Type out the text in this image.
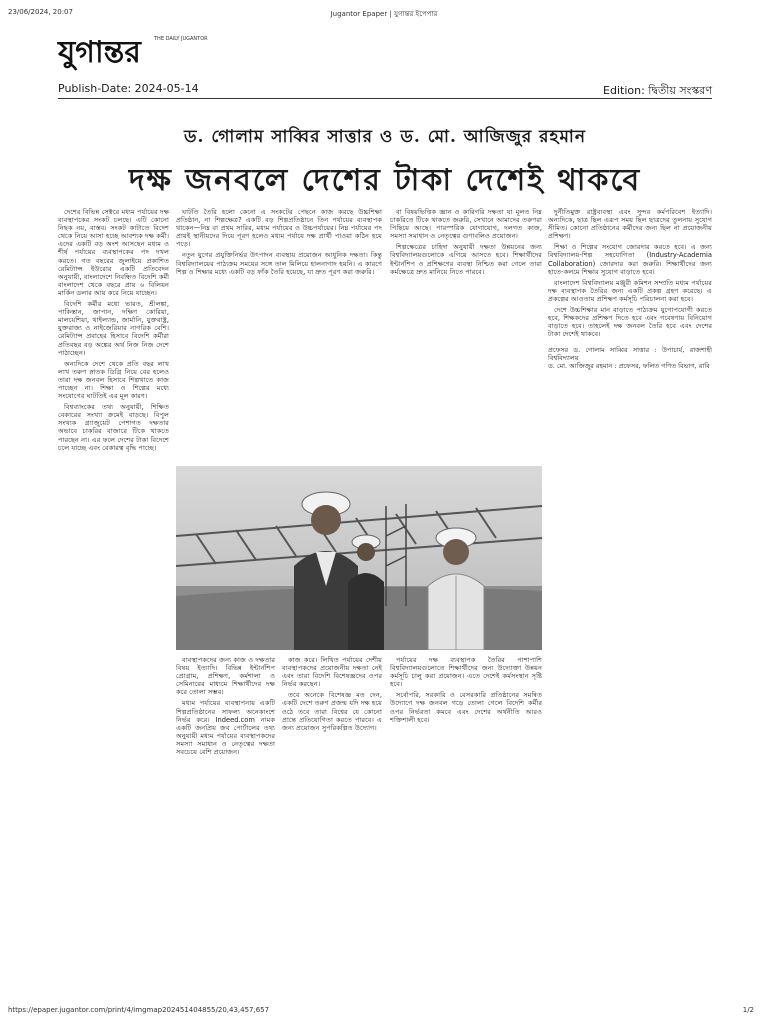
23/06/2024, 20:07	Jugantor Epaper | যুগান্তর ইপেপার
যুগান্তর	THE DAILY JUGANTOR
Publish-Date: 2024-05-14	Edition: দ্বিতীয় সংস্করণ
ড. গোলাম সাব্বির সাত্তার ও ড. মো. আজিজুর রহমান
দক্ষ জনবলে দেশের টাকা দেশেই থাকবে

দেশের বিভিন্ন সেক্টরে মধ্যম পর্যায়ের দক্ষ ব্যবস্থাপকের সংকট চলছে। এটি কোনো নিছক নয়, বাস্তব। সংকট কাটাতে বিদেশ থেকে নিয়ে আসা হচ্ছে আবশ্যক দক্ষ কর্মী। এদের একটি বড় অংশ আসছেন মধ্যম ও শীর্ষ পর্যায়ের ব্যবস্থাপকের পদ দখল করতে। গত বছরের জুলাইয়ে প্রকাশিত রেমিট্যান্স ইউরোর একটি প্রতিবেদন অনুযায়ী, বাংলাদেশে নিবন্ধিত বিদেশি কর্মী বাংলাদেশ থেকে বছরে প্রায় ৬ বিলিয়ন মার্কিন ডলার আয় করে নিয়ে যাচ্ছেন।

বিদেশি কর্মীর মধ্যে ভারত, শ্রীলঙ্কা, পাকিস্তান, জাপান, দক্ষিণ কোরিয়া, মালয়েশিয়া, থাইল্যান্ড, জার্মানি, যুক্তরাষ্ট্র, যুক্তরাজ্য ও নাইজেরিয়ার নাগরিক বেশি। রেমিট্যান্স প্রবাহের হিসাবে বিদেশি কর্মীরা প্রতিবছর বড় অঙ্কের অর্থ নিজ নিজ দেশে পাঠাচ্ছেন।

অন্যদিকে দেশে থেকে প্রতি বছর লাখ লাখ তরুণ স্নাতক ডিগ্রি নিয়ে বের হলেও তারা দক্ষ জনবল হিসাবে শিল্পখাতে কাজ পাচ্ছেন না। শিক্ষা ও শিল্পের মধ্যে সংযোগের ঘাটতিই এর মূল কারণ।

বিশ্বব্যাংকের তথ্য অনুযায়ী, শিক্ষিত বেকারের সংখ্যা ক্রমেই বাড়ছে। বিপুল সংখ্যক গ্র্যাজুয়েট পেশাগত দক্ষতার অভাবে চাকরির বাজারে টিকে থাকতে পারছেন না। এর ফলে দেশের টাকা বিদেশে চলে যাচ্ছে এবং বেকারত্ব বৃদ্ধি পাচ্ছে।

ঘাটতি তৈরি হলো কেনো এ সংকটের পেছনে কাজ করছে উচ্চশিক্ষা প্রতিষ্ঠান, না শিল্পক্ষেত্র? একটি বড় শিল্পপ্রতিষ্ঠানে তিন পর্যায়ের ব্যবস্থাপক থাকেন—নিম্ন বা প্রথম সারির, মধ্যম পর্যায়ের ও উচ্চপর্যায়ের। নিম্ন পর্যায়ের পদ প্রায়ই স্থানীয়দের দিয়ে পূরণ হলেও মধ্যম পর্যায়ে দক্ষ প্রার্থী পাওয়া কঠিন হয়ে পড়ে।

নতুন যুগের প্রযুক্তিনির্ভর উৎপাদন ব্যবস্থায় প্রয়োজন আধুনিক দক্ষতা। কিন্তু বিশ্ববিদ্যালয়ের পাঠ্যক্রম সময়ের সঙ্গে তাল মিলিয়ে হালনাগাদ হয়নি। এ কারণে শিল্প ও শিক্ষার মধ্যে একটি বড় ফাঁক তৈরি হয়েছে, যা দ্রুত পূরণ করা জরুরি।

বা বিষয়ভিত্তিক জ্ঞান ও কারিগরি দক্ষতা যা মূলত নিম্ন চাকরিতে টিকে থাকতে জরুরি, সেখানে আমাদের তরুণরা পিছিয়ে আছে। পারস্পরিক যোগাযোগ, দলগত কাজ, সমস্যা সমাধান ও নেতৃত্বের গুণাবলিও প্রয়োজন।

শিল্পক্ষেত্রের চাহিদা অনুযায়ী দক্ষতা উন্নয়নের জন্য বিশ্ববিদ্যালয়গুলোকে এগিয়ে আসতে হবে। শিক্ষার্থীদের ইন্টার্নশিপ ও প্রশিক্ষণের ব্যবস্থা নিশ্চিত করা গেলে তারা কর্মক্ষেত্রে দ্রুত মানিয়ে নিতে পারবে।

দুর্নীতিমুক্ত রাষ্ট্রব্যবস্থা এবং সুন্দর কর্মপরিবেশ ইত্যাদি। অন্যদিকে, ছাত্র ছিল এরূপ সময় ছিল ছাত্রদের তুলনায় সুযোগ সীমিত। কোনো প্রতিষ্ঠানের কর্মীদের জন্য ছিল না প্রয়োজনীয় প্রশিক্ষণ।

শিক্ষা ও শিল্পের সংযোগ জোরদার করতে হবে। এ জন্য বিশ্ববিদ্যালয়-শিল্প সহযোগিতা (Industry-Academia Collaboration) জোরদার করা জরুরি। শিক্ষার্থীদের জন্য হাতে-কলমে শিক্ষার সুযোগ বাড়াতে হবে।

বাংলাদেশ বিশ্ববিদ্যালয় মঞ্জুরী কমিশন সম্প্রতি মধ্যম পর্যায়ের দক্ষ ব্যবস্থাপক তৈরির জন্য একটি প্রকল্প গ্রহণ করেছে। এ প্রকল্পের আওতায় প্রশিক্ষণ কর্মসূচি পরিচালনা করা হবে।

দেশে উচ্চশিক্ষার মান বাড়াতে পাঠ্যক্রম যুগোপযোগী করতে হবে, শিক্ষকদের প্রশিক্ষণ দিতে হবে এবং গবেষণায় বিনিয়োগ বাড়াতে হবে। তাহলেই দক্ষ জনবল তৈরি হবে এবং দেশের টাকা দেশেই থাকবে।

প্রফেসর ড. গোলাম সাব্বির সাত্তার : উপাচার্য, রাজশাহী বিশ্ববিদ্যালয়
ড. মো. আজিজুর রহমান : প্রফেসর, ফলিত গণিত বিভাগ, রাবি

ব্যবস্থাপকদের জন্য কাজ ও দক্ষতার বিষয় ইত্যাদি। বিভিন্ন ইন্টার্নশিপ প্রোগ্রাম, প্রশিক্ষণ, কর্মশালা ও সেমিনারের মাধ্যমে শিক্ষার্থীদের দক্ষ করে তোলা সম্ভব।

মধ্যম পর্যায়ের ব্যবস্থাপনায় একটি শিল্পপ্রতিষ্ঠানের সাফল্য অনেকাংশে নির্ভর করে। Indeed.com নামক একটি জনপ্রিয় জব পোর্টালের তথ্য অনুযায়ী মধ্যম পর্যায়ের ব্যবস্থাপকদের সমস্যা সমাধান ও নেতৃত্বের দক্ষতা সবচেয়ে বেশি প্রয়োজন।

কাজ করে। লিখিত পর্যায়ের দেশীয় ব্যবস্থাপকদের প্রয়োজনীয় দক্ষতা নেই এবং তারা বিদেশি বিশেষজ্ঞদের ওপর নির্ভর করছেন।

তবে অনেকে বিশেষজ্ঞ মত দেন, একটি দেশে তরুণ প্রজন্ম যদি দক্ষ হয়ে ওঠে তবে তারা বিশ্বের যে কোনো প্রান্তে প্রতিযোগিতা করতে পারবে। এ জন্য প্রয়োজন সুপরিকল্পিত উদ্যোগ।

পর্যায়ের দক্ষ ব্যবস্থাপক তৈরির পাশাপাশি বিশ্ববিদ্যালয়গুলোতে শিক্ষার্থীদের জন্য উদ্যোক্তা উন্নয়ন কর্মসূচি চালু করা প্রয়োজন। এতে দেশেই কর্মসংস্থান সৃষ্টি হবে।

সর্বোপরি, সরকারি ও বেসরকারি প্রতিষ্ঠানের সমন্বিত উদ্যোগে দক্ষ জনবল গড়ে তোলা গেলে বিদেশি কর্মীর ওপর নির্ভরতা কমবে এবং দেশের অর্থনীতি আরও শক্তিশালী হবে।

https://epaper.jugantor.com/print/4/imgmap202451404855/20,43,457,657	1/2
